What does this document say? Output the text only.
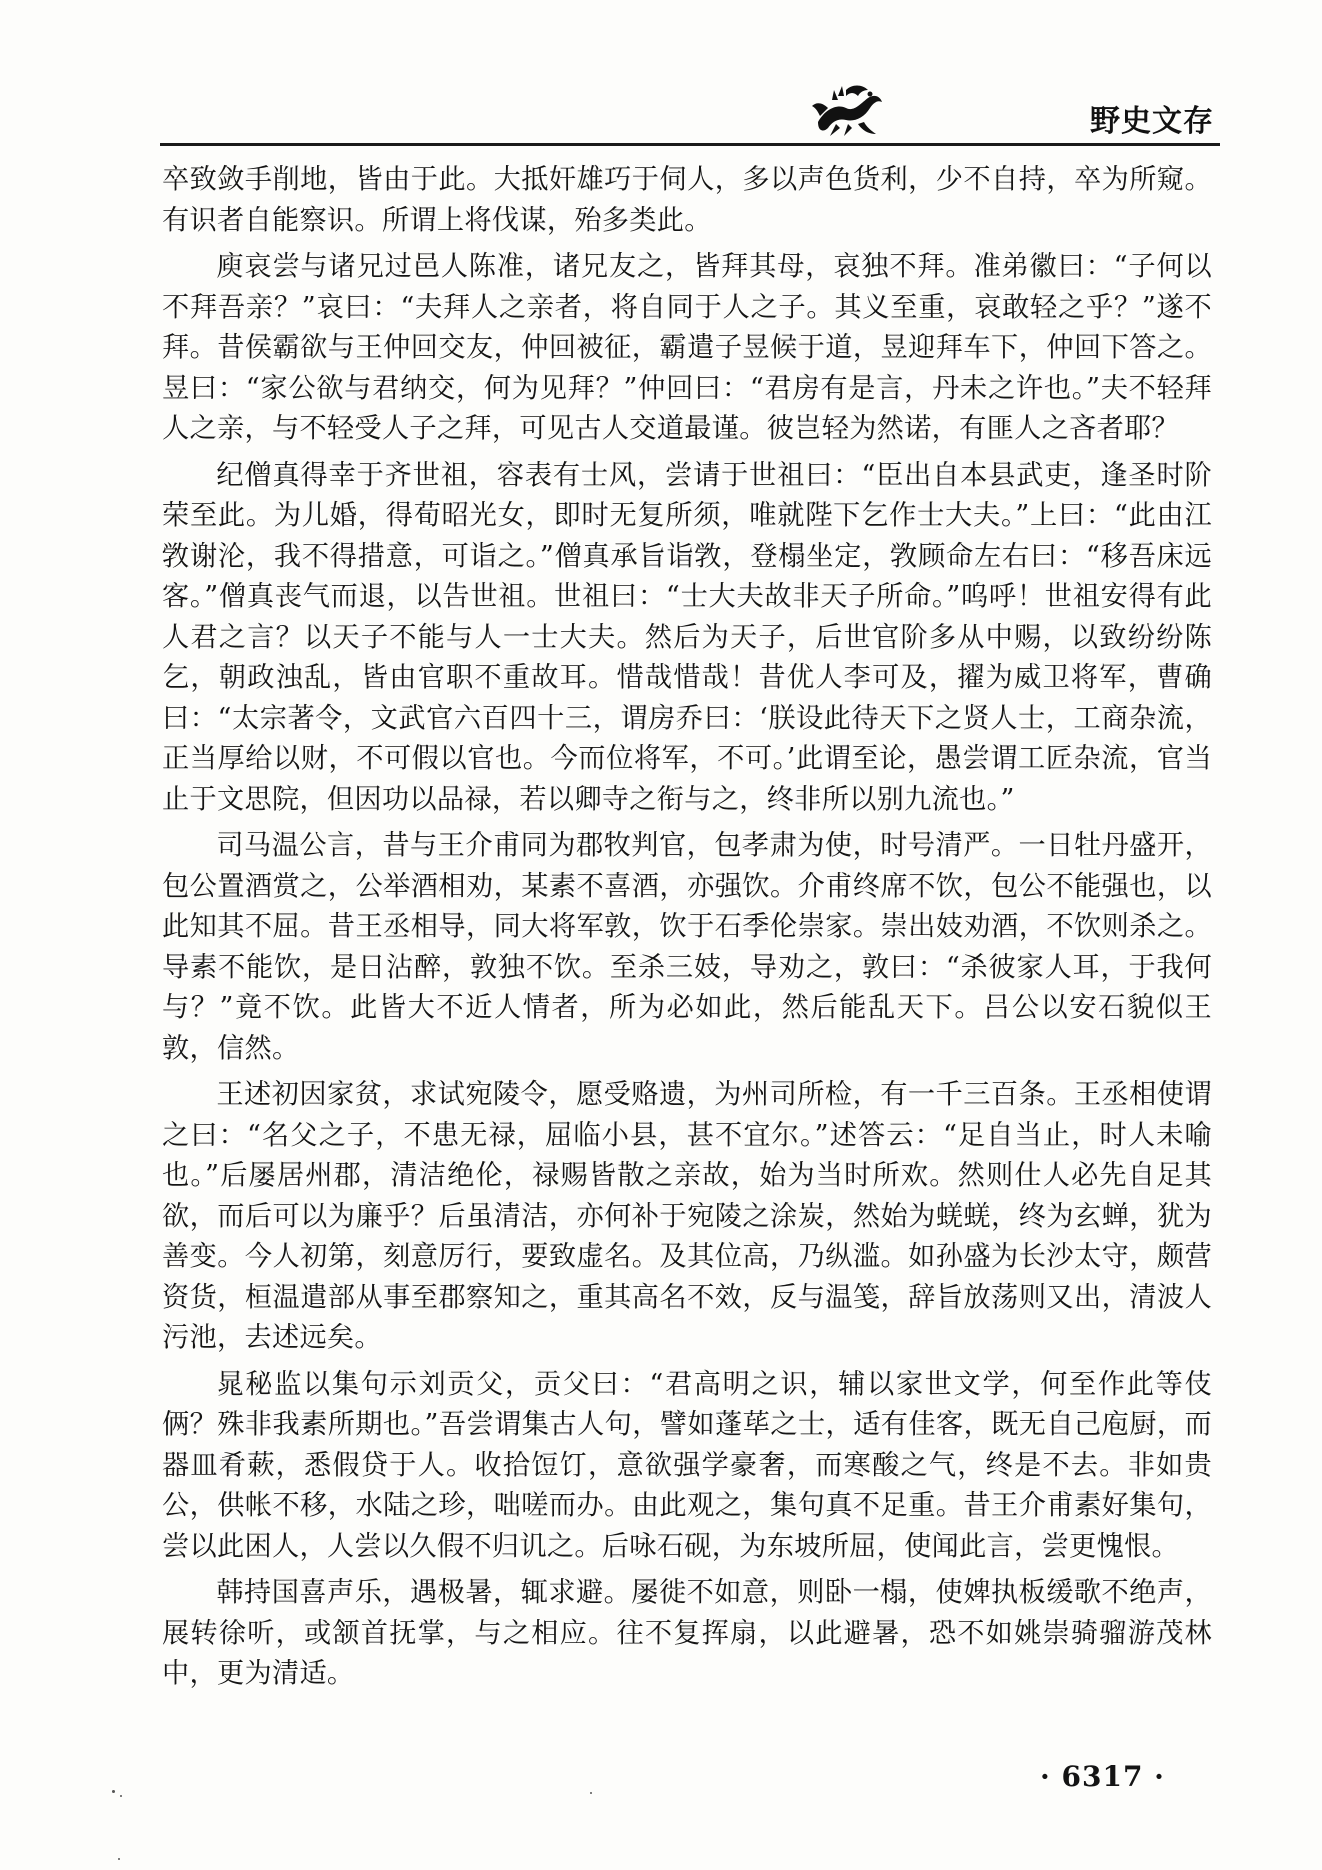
野史文存

卒致敛手削地，皆由于此。大抵奸雄巧于伺人，多以声色货利，少不自持，卒为所窥。有识者自能察识。所谓上将伐谋，殆多类此。

庾哀尝与诸兄过邑人陈准，诸兄友之，皆拜其母，哀独不拜。准弟徽曰：“子何以不拜吾亲？”哀曰：“夫拜人之亲者，将自同于人之子。其义至重，哀敢轻之乎？”遂不拜。昔侯霸欲与王仲回交友，仲回被征，霸遣子昱候于道，昱迎拜车下，仲回下答之。昱曰：“家公欲与君纳交，何为见拜？”仲回曰：“君房有是言，丹未之许也。”夫不轻拜人之亲，与不轻受人子之拜，可见古人交道最谨。彼岂轻为然诺，有匪人之吝者耶？

纪僧真得幸于齐世祖，容表有士风，尝请于世祖曰：“臣出自本县武吏，逢圣时阶荣至此。为儿婚，得荀昭光女，即时无复所须，唯就陛下乞作士大夫。”上曰：“此由江敩谢沦，我不得措意，可诣之。”僧真承旨诣敩，登榻坐定，敩顾命左右曰：“移吾床远客。”僧真丧气而退，以告世祖。世祖曰：“士大夫故非天子所命。”呜呼！世祖安得有此人君之言？以天子不能与人一士大夫。然后为天子，后世官阶多从中赐，以致纷纷陈乞，朝政浊乱，皆由官职不重故耳。惜哉惜哉！昔优人李可及，擢为威卫将军，曹确曰：“太宗著令，文武官六百四十三，谓房乔曰：‘朕设此待天下之贤人士，工商杂流，正当厚给以财，不可假以官也。今而位将军，不可。’此谓至论，愚尝谓工匠杂流，官当止于文思院，但因功以品禄，若以卿寺之衔与之，终非所以别九流也。”

司马温公言，昔与王介甫同为郡牧判官，包孝肃为使，时号清严。一日牡丹盛开，包公置酒赏之，公举酒相劝，某素不喜酒，亦强饮。介甫终席不饮，包公不能强也，以此知其不屈。昔王丞相导，同大将军敦，饮于石季伦崇家。崇出妓劝酒，不饮则杀之。导素不能饮，是日沾醉，敦独不饮。至杀三妓，导劝之，敦曰：“杀彼家人耳，于我何与？”竟不饮。此皆大不近人情者，所为必如此，然后能乱天下。吕公以安石貌似王敦，信然。

王述初因家贫，求试宛陵令，愿受赂遗，为州司所检，有一千三百条。王丞相使谓之曰：“名父之子，不患无禄，屈临小县，甚不宜尔。”述答云：“足自当止，时人未喻也。”后屡居州郡，清洁绝伦，禄赐皆散之亲故，始为当时所欢。然则仕人必先自足其欲，而后可以为廉乎？后虽清洁，亦何补于宛陵之涂炭，然始为蜣蜣，终为玄蝉，犹为善变。今人初第，刻意厉行，要致虚名。及其位高，乃纵滥。如孙盛为长沙太守，颇营资货，桓温遣部从事至郡察知之，重其高名不效，反与温笺，辞旨放荡则又出，清波人污池，去述远矣。

晁秘监以集句示刘贡父，贡父曰：“君高明之识，辅以家世文学，何至作此等伎俩？殊非我素所期也。”吾尝谓集古人句，譬如蓬荜之士，适有佳客，既无自己庖厨，而器皿肴蔌，悉假贷于人。收拾饾饤，意欲强学豪奢，而寒酸之气，终是不去。非如贵公，供帐不移，水陆之珍，咄嗟而办。由此观之，集句真不足重。昔王介甫素好集句，尝以此困人，人尝以久假不归讥之。后咏石砚，为东坡所屈，使闻此言，尝更愧恨。

韩持国喜声乐，遇极暑，辄求避。屡徙不如意，则卧一榻，使婢执板缓歌不绝声，展转徐听，或颔首抚掌，与之相应。往不复挥扇，以此避暑，恐不如姚崇骑骝游茂林中，更为清适。

· 6317 ·
